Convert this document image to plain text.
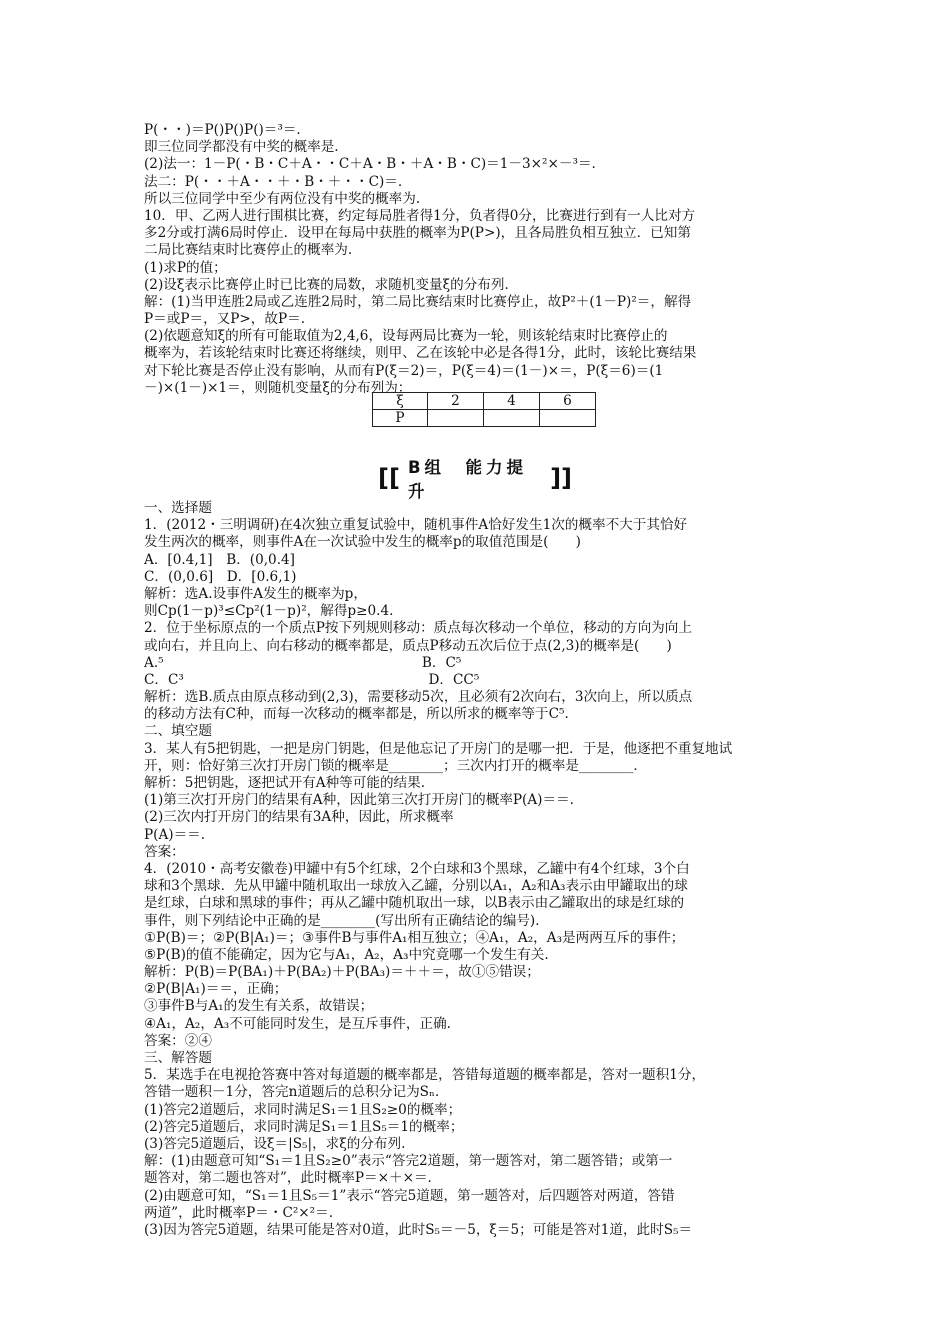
P(・・)＝P()P()P()＝³＝.
即三位同学都没有中奖的概率是.
(2)法一：1－P(・B・C＋A・・C＋A・B・＋A・B・C)＝1－3×²×－³＝.
法二：P(・・＋A・・＋・B・＋・・C)＝.
所以三位同学中至少有两位没有中奖的概率为.
10．甲、乙两人进行围棋比赛，约定每局胜者得1分，负者得0分，比赛进行到有一人比对方
多2分或打满6局时停止．设甲在每局中获胜的概率为P(P>)，且各局胜负相互独立．已知第
二局比赛结束时比赛停止的概率为.
(1)求P的值；
(2)设ξ表示比赛停止时已比赛的局数，求随机变量ξ的分布列.
解：(1)当甲连胜2局或乙连胜2局时，第二局比赛结束时比赛停止，故P²＋(1－P)²＝，解得
P＝或P＝，又P>，故P＝.
(2)依题意知ξ的所有可能取值为2,4,6，设每两局比赛为一轮，则该轮结束时比赛停止的
概率为，若该轮结束时比赛还将继续，则甲、乙在该轮中必是各得1分，此时，该轮比赛结果
对下轮比赛是否停止没有影响，从而有P(ξ＝2)＝，P(ξ＝4)＝(1－)×＝，P(ξ＝6)＝(1
－)×(1－)×1＝，则随机变量ξ的分布列为：
ξ	2	4	6
P			
[[ B组　能力提升	]]
一、选择题
1．(2012・三明调研)在4次独立重复试验中，随机事件A恰好发生1次的概率不大于其恰好
发生两次的概率，则事件A在一次试验中发生的概率p的取值范围是(　　)
A．[0.4,1]　B．(0,0.4]
C．(0,0.6]　D．[0.6,1)
解析：选A.设事件A发生的概率为p，
则Cp(1－p)³≤Cp²(1－p)²，解得p≥0.4.
2．位于坐标原点的一个质点P按下列规则移动：质点每次移动一个单位，移动的方向为向上
或向右，并且向上、向右移动的概率都是，质点P移动五次后位于点(2,3)的概率是(　　)
A.⁵　　　　　　　　　　　　　　　　　　　B．C⁵
C．C³　　　　　　　　　　　　　　　　　　D．CC⁵
解析：选B.质点由原点移动到(2,3)，需要移动5次，且必须有2次向右，3次向上，所以质点
的移动方法有C种，而每一次移动的概率都是，所以所求的概率等于C⁵.
二、填空题
3．某人有5把钥匙，一把是房门钥匙，但是他忘记了开房门的是哪一把．于是，他逐把不重复地试
开，则：恰好第三次打开房门锁的概率是________；三次内打开的概率是________．
解析：5把钥匙，逐把试开有A种等可能的结果.
(1)第三次打开房门的结果有A种，因此第三次打开房门的概率P(A)＝＝.
(2)三次内打开房门的结果有3A种，因此，所求概率
P(A)＝＝.
答案：
4．(2010・高考安徽卷)甲罐中有5个红球，2个白球和3个黑球，乙罐中有4个红球，3个白
球和3个黑球．先从甲罐中随机取出一球放入乙罐，分别以A₁，A₂和A₃表示由甲罐取出的球
是红球，白球和黑球的事件；再从乙罐中随机取出一球，以B表示由乙罐取出的球是红球的
事件，则下列结论中正确的是________(写出所有正确结论的编号)．
①P(B)＝；②P(B|A₁)＝；③事件B与事件A₁相互独立；④A₁，A₂，A₃是两两互斥的事件；
⑤P(B)的值不能确定，因为它与A₁，A₂，A₃中究竟哪一个发生有关.
解析：P(B)＝P(BA₁)＋P(BA₂)＋P(BA₃)＝＋＋＝，故①⑤错误；
②P(B|A₁)＝＝，正确；
③事件B与A₁的发生有关系，故错误；
④A₁，A₂，A₃不可能同时发生，是互斥事件，正确.
答案：②④
三、解答题
5．某选手在电视抢答赛中答对每道题的概率都是，答错每道题的概率都是，答对一题积1分，
答错一题积－1分，答完n道题后的总积分记为Sₙ.
(1)答完2道题后，求同时满足S₁＝1且S₂≥0的概率；
(2)答完5道题后，求同时满足S₁＝1且S₅＝1的概率；
(3)答完5道题后，设ξ＝|S₅|，求ξ的分布列.
解：(1)由题意可知“S₁＝1且S₂≥0”表示“答完2道题，第一题答对，第二题答错；或第一
题答对，第二题也答对”，此时概率P＝×＋×＝.
(2)由题意可知，“S₁＝1且S₅＝1”表示“答完5道题，第一题答对，后四题答对两道，答错
两道”，此时概率P＝・C²×²＝.
(3)因为答完5道题，结果可能是答对0道，此时S₅＝－5，ξ＝5；可能是答对1道，此时S₅＝
